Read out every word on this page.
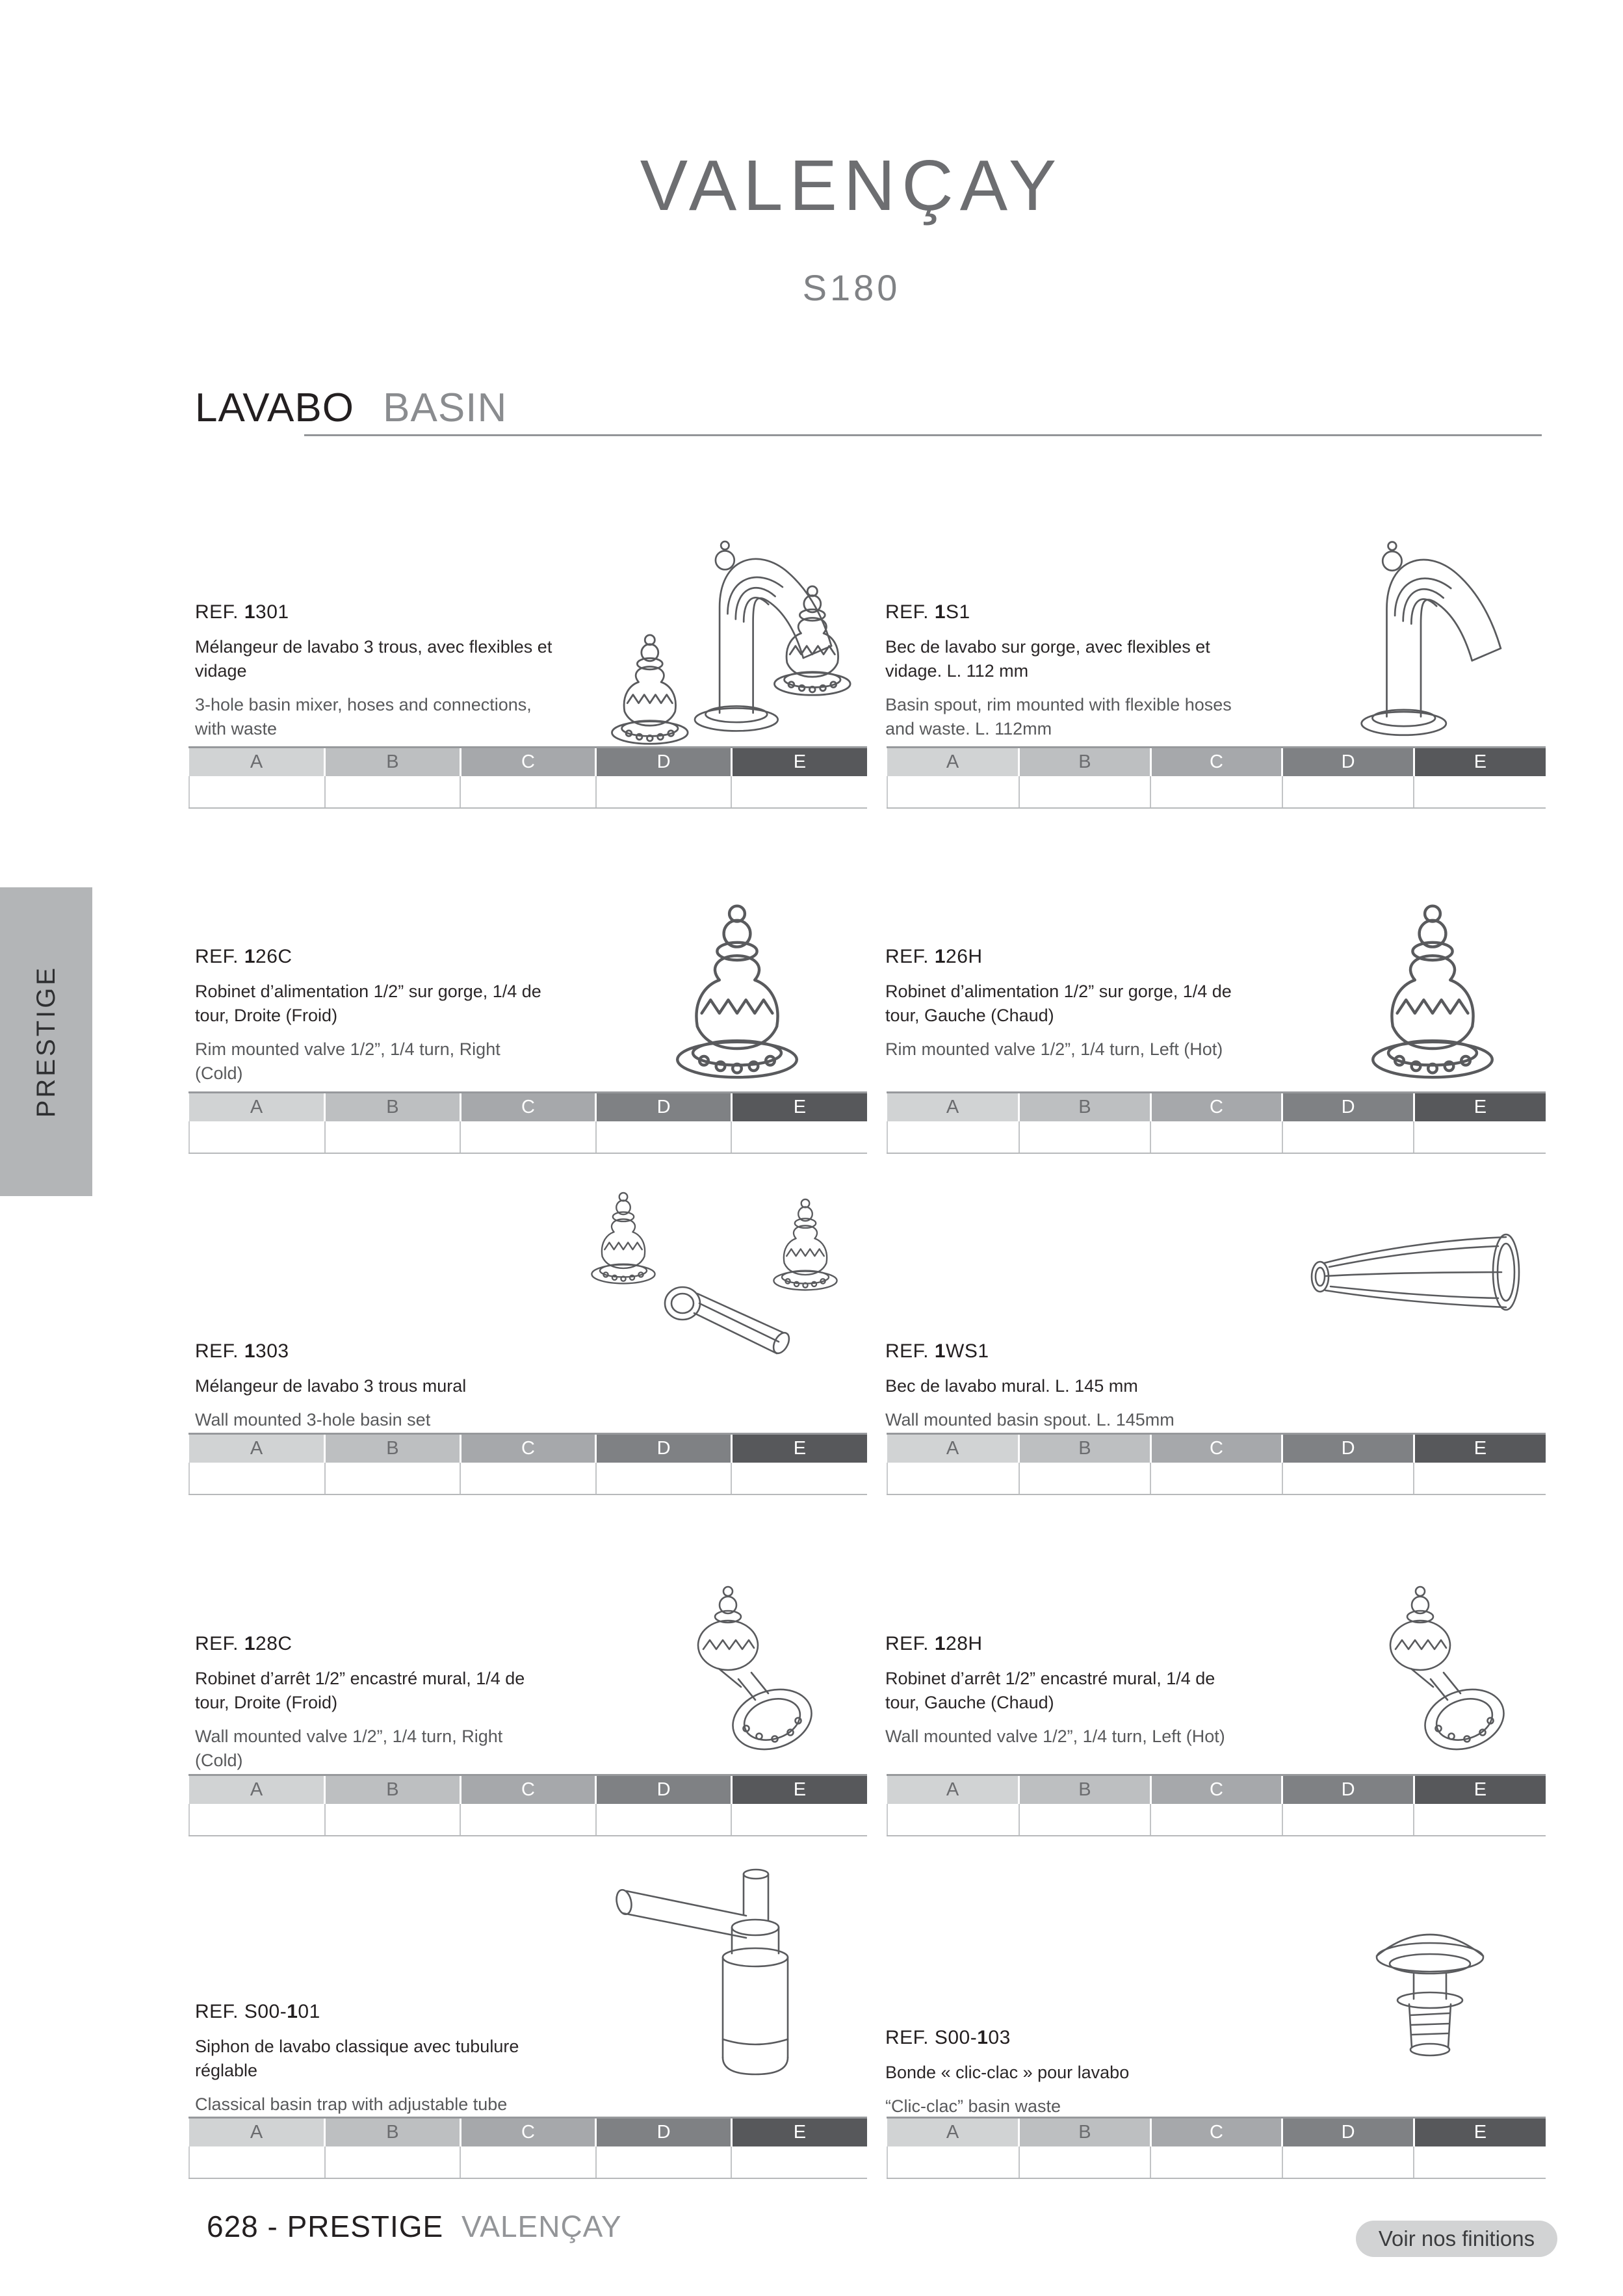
VALENÇAY
S180
LAVABO BASIN
PRESTIGE
REF. 1301

Mélangeur de lavabo 3 trous, avec flexibles et vidage

3-hole basin mixer, hoses and connections, with waste

A	B	C	D	E

REF. 1S1

Bec de lavabo sur gorge, avec flexibles et vidage. L. 112 mm

Basin spout, rim mounted with flexible hoses and waste. L. 112mm

A	B	C	D	E

REF. 126C

Robinet d’alimentation 1/2” sur gorge, 1/4 de tour, Droite (Froid)

Rim mounted valve 1/2”, 1/4 turn, Right (Cold)

A	B	C	D	E

REF. 126H

Robinet d’alimentation 1/2” sur gorge, 1/4 de tour, Gauche (Chaud)

Rim mounted valve 1/2”, 1/4 turn, Left (Hot)

A	B	C	D	E

REF. 1303

Mélangeur de lavabo 3 trous mural

Wall mounted 3-hole basin set

A	B	C	D	E

REF. 1WS1

Bec de lavabo mural. L. 145 mm

Wall mounted basin spout. L. 145mm

A	B	C	D	E

REF. 128C

Robinet d’arrêt 1/2” encastré mural, 1/4 de tour, Droite (Froid)

Wall mounted valve 1/2”, 1/4 turn, Right (Cold)

A	B	C	D	E

REF. 128H

Robinet d’arrêt 1/2” encastré mural, 1/4 de tour, Gauche (Chaud)

Wall mounted valve 1/2”, 1/4 turn, Left (Hot)

A	B	C	D	E

REF. S00-101

Siphon de lavabo classique avec tubulure réglable

Classical basin trap with adjustable tube

A	B	C	D	E

REF. S00-103

Bonde « clic-clac » pour lavabo

“Clic-clac” basin waste

A	B	C	D	E

628 - PRESTIGE VALENÇAY	Voir nos finitions
